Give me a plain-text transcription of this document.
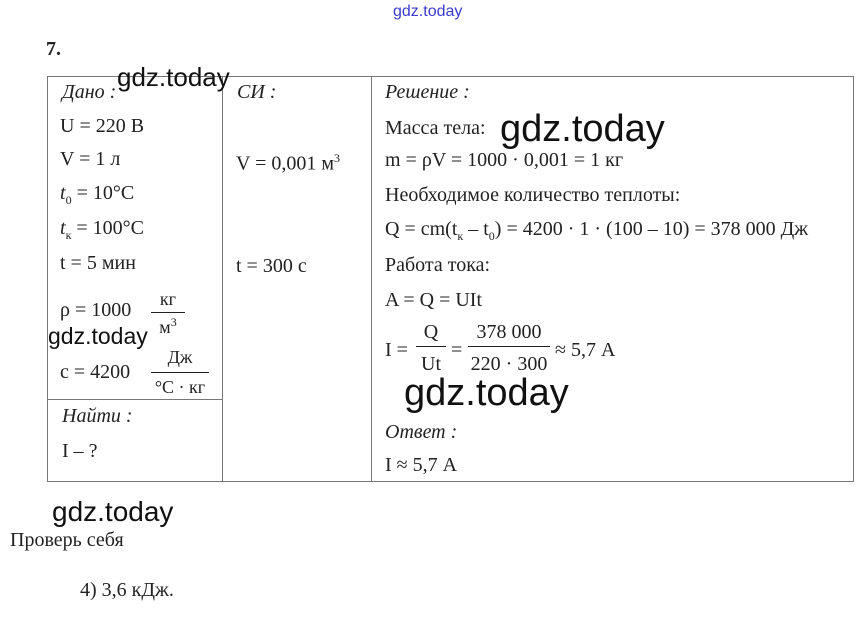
gdz.today
7.
Дано :
U = 220 В
V = 1 л
$t_0 = 10^\circ С$
$t_к = 100^\circ С$
t = 5 мин
ρ = 1000	кг
$м^3$
c = 4200
Дж
°С · кг
Найти :
I – ?
СИ :
V = 0,001 $м^3$
t = 300 с
Решение :
Масса тела:
m = ρV = 1000 · 0,001 = 1 кг
Необходимое количество теплоты:
$Q = cm(t_к - t_0) = 4200 \cdot 1 \cdot (100 - 10) = 378$ 000 Дж
Работа тока:
A = Q = UIt
I =
Q
Ut
=
378 000
220 · 300
≈ 5,7 А
Ответ :
I ≈ 5,7 А
Проверь себя
4) 3,6 кДж.
gdz.today
gdz.today
gdz.today
gdz.today
gdz.today
